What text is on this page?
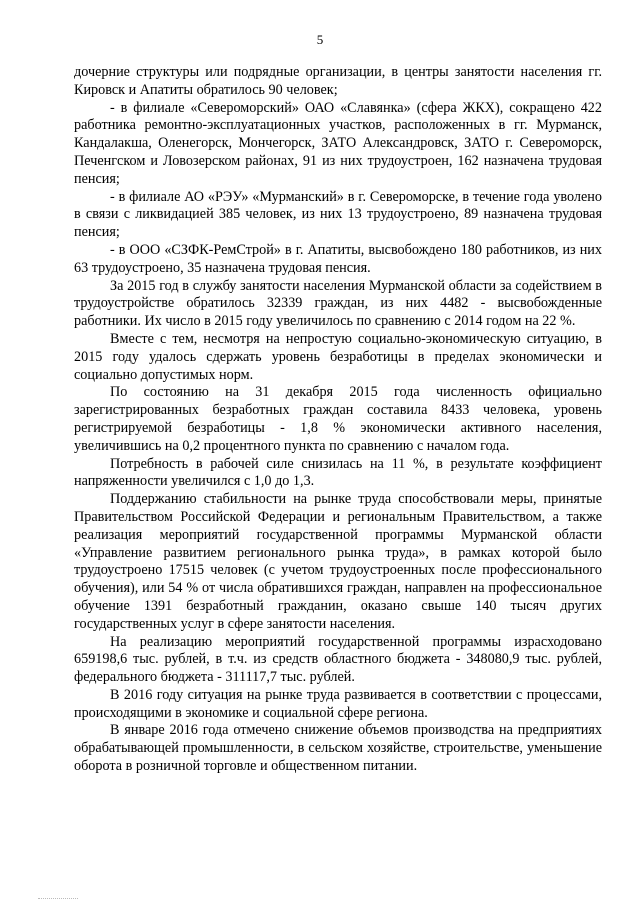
5

дочерние структуры или подрядные организации, в центры занятости населения гг. Кировск и Апатиты обратилось 90 человек;

- в филиале «Североморский» ОАО «Славянка» (сфера ЖКХ), сокращено 422 работника ремонтно-эксплуатационных участков, расположенных в гг. Мурманск, Кандалакша, Оленегорск, Мончегорск, ЗАТО Александровск, ЗАТО г. Североморск, Печенгском и Ловозерском районах, 91 из них трудоустроен, 162 назначена трудовая пенсия;

- в филиале АО «РЭУ» «Мурманский» в г. Североморске, в течение года уволено в связи с ликвидацией 385 человек, из них 13 трудоустроено, 89 назначена трудовая пенсия;

- в ООО «СЗФК-РемСтрой» в г. Апатиты, высвобождено 180 работников, из них 63 трудоустроено, 35 назначена трудовая пенсия.

За 2015 год в службу занятости населения Мурманской области за содействием в трудоустройстве обратилось 32339 граждан, из них 4482 - высвобожденные работники. Их число в 2015 году увеличилось по сравнению с 2014 годом на 22 %.

Вместе с тем, несмотря на непростую социально-экономическую ситуацию, в 2015 году удалось сдержать уровень безработицы в пределах экономически и социально допустимых норм.

По состоянию на 31 декабря 2015 года численность официально зарегистрированных безработных граждан составила 8433 человека, уровень регистрируемой безработицы - 1,8 % экономически активного населения, увеличившись на 0,2 процентного пункта по сравнению с началом года.

Потребность в рабочей силе снизилась на 11 %, в результате коэффициент напряженности увеличился с 1,0 до 1,3.

Поддержанию стабильности на рынке труда способствовали меры, принятые Правительством Российской Федерации и региональным Правительством, а также реализация мероприятий государственной программы Мурманской области «Управление развитием регионального рынка труда», в рамках которой было трудоустроено 17515 человек (с учетом трудоустроенных после профессионального обучения), или 54 % от числа обратившихся граждан, направлен на профессиональное обучение 1391 безработный гражданин, оказано свыше 140 тысяч других государственных услуг в сфере занятости населения.

На реализацию мероприятий государственной программы израсходовано 659198,6 тыс. рублей, в т.ч. из средств областного бюджета - 348080,9 тыс. рублей, федерального бюджета - 311117,7 тыс. рублей.

В 2016 году ситуация на рынке труда развивается в соответствии с процессами, происходящими в экономике и социальной сфере региона.

В январе 2016 года отмечено снижение объемов производства на предприятиях обрабатывающей промышленности, в сельском хозяйстве, строительстве, уменьшение оборота в розничной торговле и общественном питании.
